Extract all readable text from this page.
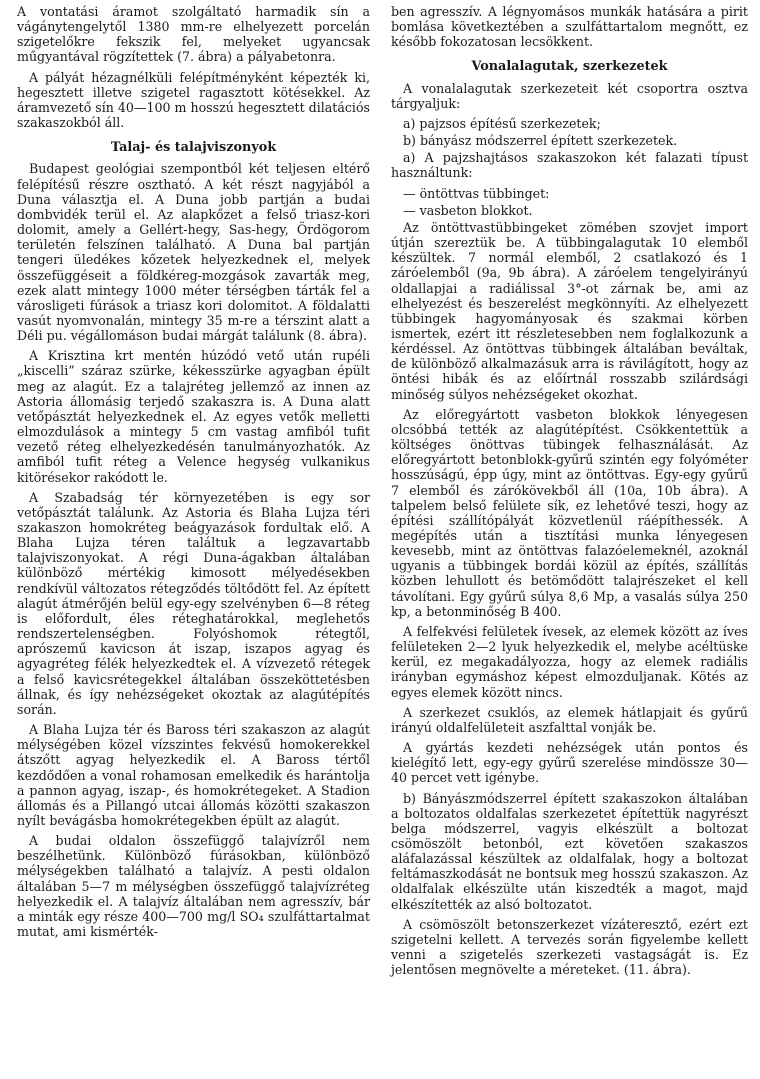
A vontatási áramot szolgáltató harmadik sín a vágánytengelytől 1380 mm-re elhelyezett porcelán szigetelőkre fekszik fel, melyeket ugyancsak műgyantával rögzítettek (7. ábra) a pályabetonra.

A pályát hézagnélküli felépítményként képezték ki, hegesztett illetve szigetel ragasztott kötésekkel. Az áramvezető sín 40—100 m hosszú hegesztett dilatációs szakaszokból áll.

Talaj- és talajviszonyok

Budapest geológiai szempontból két teljesen eltérő felépítésű részre osztható. A két részt nagyjából a Duna választja el. A Duna jobb partján a budai dombvidék terül el. Az alapkőzet a felső triasz-kori dolomit, amely a Gellért-hegy, Sas-hegy, Ördögorom területén felszínen található. A Duna bal partján tengeri üledékes kőzetek helyezkednek el, melyek összefüggéseit a földkéreg-mozgások zavarták meg, ezek alatt mintegy 1000 méter térségben tárták fel a városligeti fúrások a triasz kori dolomitot. A földalatti vasút nyomvonalán, mintegy 35 m-re a térszint alatt a Déli pu. végállomáson budai márgát találunk (8. ábra).

A Krisztina krt mentén húzódó vető után rupéli „kiscelli” száraz szürke, kékesszürke agyagban épült meg az alagút. Ez a talajréteg jellemző az innen az Astoria állomásig terjedő szakaszra is. A Duna alatt vetőpásztát helyezkednek el. Az egyes vetők melletti elmozdulások a mintegy 5 cm vastag amfiból tufit vezető réteg elhelyezkedésén tanulmányozhatók. Az amfiból tufit réteg a Velence hegység vulkanikus kitörésekor rakódott le.

A Szabadság tér környezetében is egy sor vetőpásztát találunk. Az Astoria és Blaha Lujza téri szakaszon homokréteg beágyazások fordultak elő. A Blaha Lujza téren találtuk a legzavartabb talajviszonyokat. A régi Duna-ágakban általában különböző mértékig kimosott mélyedésekben rendkívül változatos rétegződés töltődött fel. Az épített alagút átmérőjén belül egy-egy szelvényben 6—8 réteg is előfordult, éles réteghatárokkal, meglehetős rendszertelenségben. Folyóshomok rétegtől, aprószemű kavicson át iszap, iszapos agyag és agyagréteg félék helyezkedtek el. A vízvezető rétegek a felső kavicsrétegekkel általában összeköttetésben állnak, és így nehézségeket okoztak az alagútépítés során.

A Blaha Lujza tér és Baross téri szakaszon az alagút mélységében közel vízszintes fekvésű homokerekkel átszőtt agyag helyezkedik el. A Baross tértől kezdődően a vonal rohamosan emelkedik és harántolja a pannon agyag, iszap-, és homokrétegeket. A Stadion állomás és a Pillangó utcai állomás közötti szakaszon nyílt bevágásba homokrétegekben épült az alagút.

A budai oldalon összefüggő talajvízről nem beszélhetünk. Különböző fúrásokban, különböző mélységekben található a talajvíz. A pesti oldalon általában 5—7 m mélységben összefüggő talajvízréteg helyezkedik el. A talajvíz általában nem agresszív, bár a minták egy része 400—700 mg/l SO₄ szulfáttartalmat mutat, ami kismérték-

ben agresszív. A légnyomásos munkák hatására a pirit bomlása következtében a szulfáttartalom megnőtt, ez később fokozatosan lecsökkent.

Vonalalagutak, szerkezetek

A vonalalagutak szerkezeteit két csoportra osztva tárgyaljuk:

a) pajzsos építésű szerkezetek;
b) bányász módszerrel épített szerkezetek.

a) A pajzshajtásos szakaszokon két falazati típust használtunk:

— öntöttvas tübbinget:
— vasbeton blokkot.

Az öntöttvastübbingeket zömében szovjet import útján szereztük be. A tübbingalagutak 10 elemből készültek. 7 normál elemből, 2 csatlakozó és 1 záróelemből (9a, 9b ábra). A záróelem tengelyirányú oldallapjai a radiálissal 3°-ot zárnak be, ami az elhelyezést és beszerelést megkönnyíti. Az elhelyezett tübbingek hagyományosak és szakmai körben ismertek, ezért itt részletesebben nem foglalkozunk a kérdéssel. Az öntöttvas tübbingek általában beváltak, de különböző alkalmazásuk arra is rávilágított, hogy az öntési hibák és az előírtnál rosszabb szilárdsági minőség súlyos nehézségeket okozhat.

Az előregyártott vasbeton blokkok lényegesen olcsóbbá tették az alagútépítést. Csökkentettük a költséges önöttvas tübingek felhasználását. Az előregyártott betonblokk-gyűrű szintén egy folyóméter hosszúságú, épp úgy, mint az öntöttvas. Egy-egy gyűrű 7 elemből és zárókövekből áll (10a, 10b ábra). A talpelem belső felülete sík, ez lehetővé teszi, hogy az építési szállítópályát közvetlenül ráépíthessék. A megépítés után a tisztítási munka lényegesen kevesebb, mint az öntöttvas falazóelemeknél, azoknál ugyanis a tübbingek bordái közül az építés, szállítás közben lehullott és betömődött talajrészeket el kell távolítani. Egy gyűrű súlya 8,6 Mp, a vasalás súlya 250 kp, a betonminőség B 400.

A felfekvési felületek ívesek, az elemek között az íves felületeken 2—2 lyuk helyezkedik el, melybe acéltüske kerül, ez megakadályozza, hogy az elemek radiális irányban egymáshoz képest elmozduljanak. Kötés az egyes elemek között nincs.

A szerkezet csuklós, az elemek hátlapjait és gyűrű irányú oldalfelületeit aszfalttal vonják be.

A gyártás kezdeti nehézségek után pontos és kielégítő lett, egy-egy gyűrű szerelése mindössze 30—40 percet vett igénybe.

b) Bányászmódszerrel épített szakaszokon általában a boltozatos oldalfalas szerkezetet építettük nagyrészt belga módszerrel, vagyis elkészült a boltozat csömöszölt betonból, ezt követően szakaszos aláfalazással készültek az oldalfalak, hogy a boltozat feltámaszkodását ne bontsuk meg hosszú szakaszon. Az oldalfalak elkészülte után kiszedték a magot, majd elkészítették az alsó boltozatot.

A csömöszölt betonszerkezet vízáteresztő, ezért ezt szigetelni kellett. A tervezés során figyelembe kellett venni a szigetelés szerkezeti vastagságát is. Ez jelentősen megnövelte a méreteket. (11. ábra).
